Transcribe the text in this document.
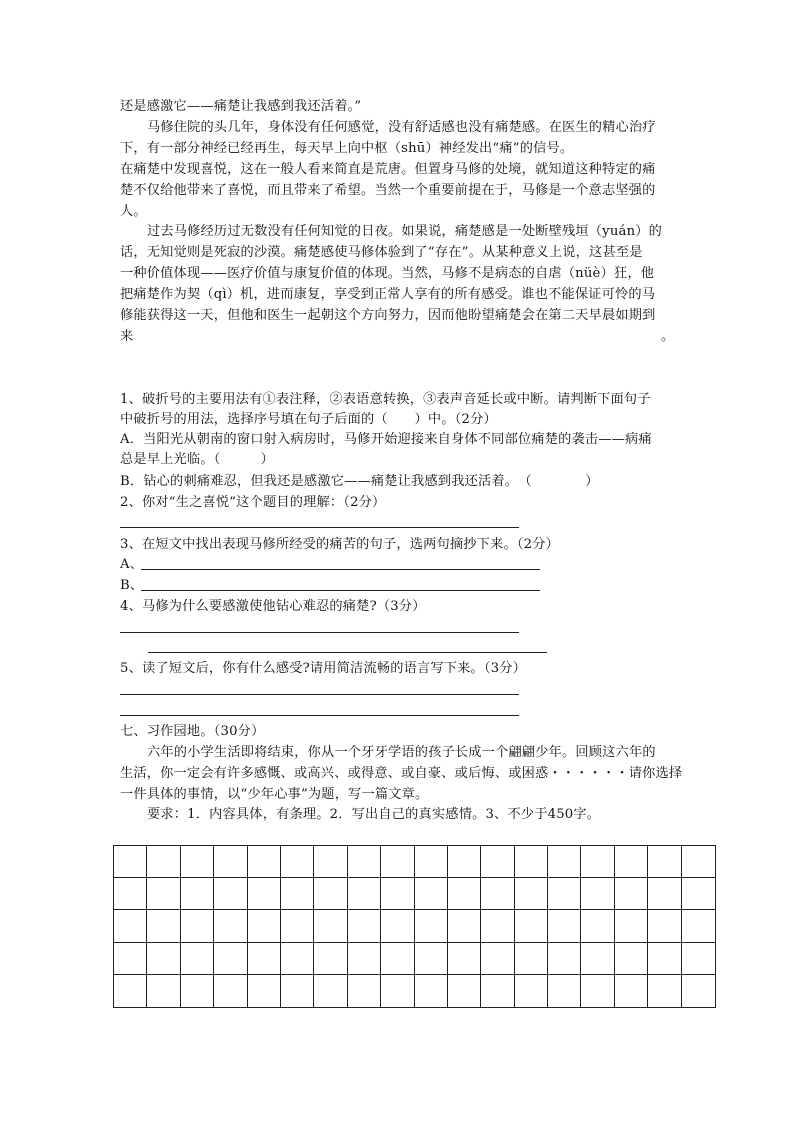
还是感激它——痛楚让我感到我还活着。”
马修住院的头几年，身体没有任何感觉，没有舒适感也没有痛楚感。在医生的精心治疗
下，有一部分神经已经再生，每天早上向中枢（shū）神经发出“痛”的信号。
在痛楚中发现喜悦，这在一般人看来简直是荒唐。但置身马修的处境，就知道这种特定的痛
楚不仅给他带来了喜悦，而且带来了希望。当然一个重要前提在于，马修是一个意志坚强的
人。
过去马修经历过无数没有任何知觉的日夜。如果说，痛楚感是一处断壁残垣（yuán）的
话，无知觉则是死寂的沙漠。痛楚感使马修体验到了“存在”。从某种意义上说，这甚至是
一种价值体现——医疗价值与康复价值的体现。当然，马修不是病态的自虐（nüè）狂，他
把痛楚作为契（qì）机，进而康复，享受到正常人享有的所有感受。谁也不能保证可怜的马
修能获得这一天，但他和医生一起朝这个方向努力，因而他盼望痛楚会在第二天早晨如期到
来	。
1、破折号的主要用法有①表注释，②表语意转换，③表声音延长或中断。请判断下面句子
中破折号的用法，选择序号填在句子后面的（　　）中。（2分）
A．当阳光从朝南的窗口射入病房时，马修开始迎接来自身体不同部位痛楚的袭击——病痛
总是早上光临。（　　　）
B．钻心的刺痛难忍，但我还是感激它——痛楚让我感到我还活着。　（　　　　）
2、你对“生之喜悦”这个题目的理解：（2分）
3、在短文中找出表现马修所经受的痛苦的句子，选两句摘抄下来。（2分）
A、
B、
4、马修为什么要感激使他钻心难忍的痛楚?（3分）
5、读了短文后，你有什么感受?请用简洁流畅的语言写下来。（3分）
七、习作园地。（30分）
六年的小学生活即将结束，你从一个牙牙学语的孩子长成一个翩翩少年。回顾这六年的
生活，你一定会有许多感慨、或高兴、或得意、或自豪、或后悔、或困惑・・・・・・请你选择
一件具体的事情，以“少年心事”为题，写一篇文章。
要求：1．内容具体，有条理。2．写出自己的真实感情。3、不少于450字。
